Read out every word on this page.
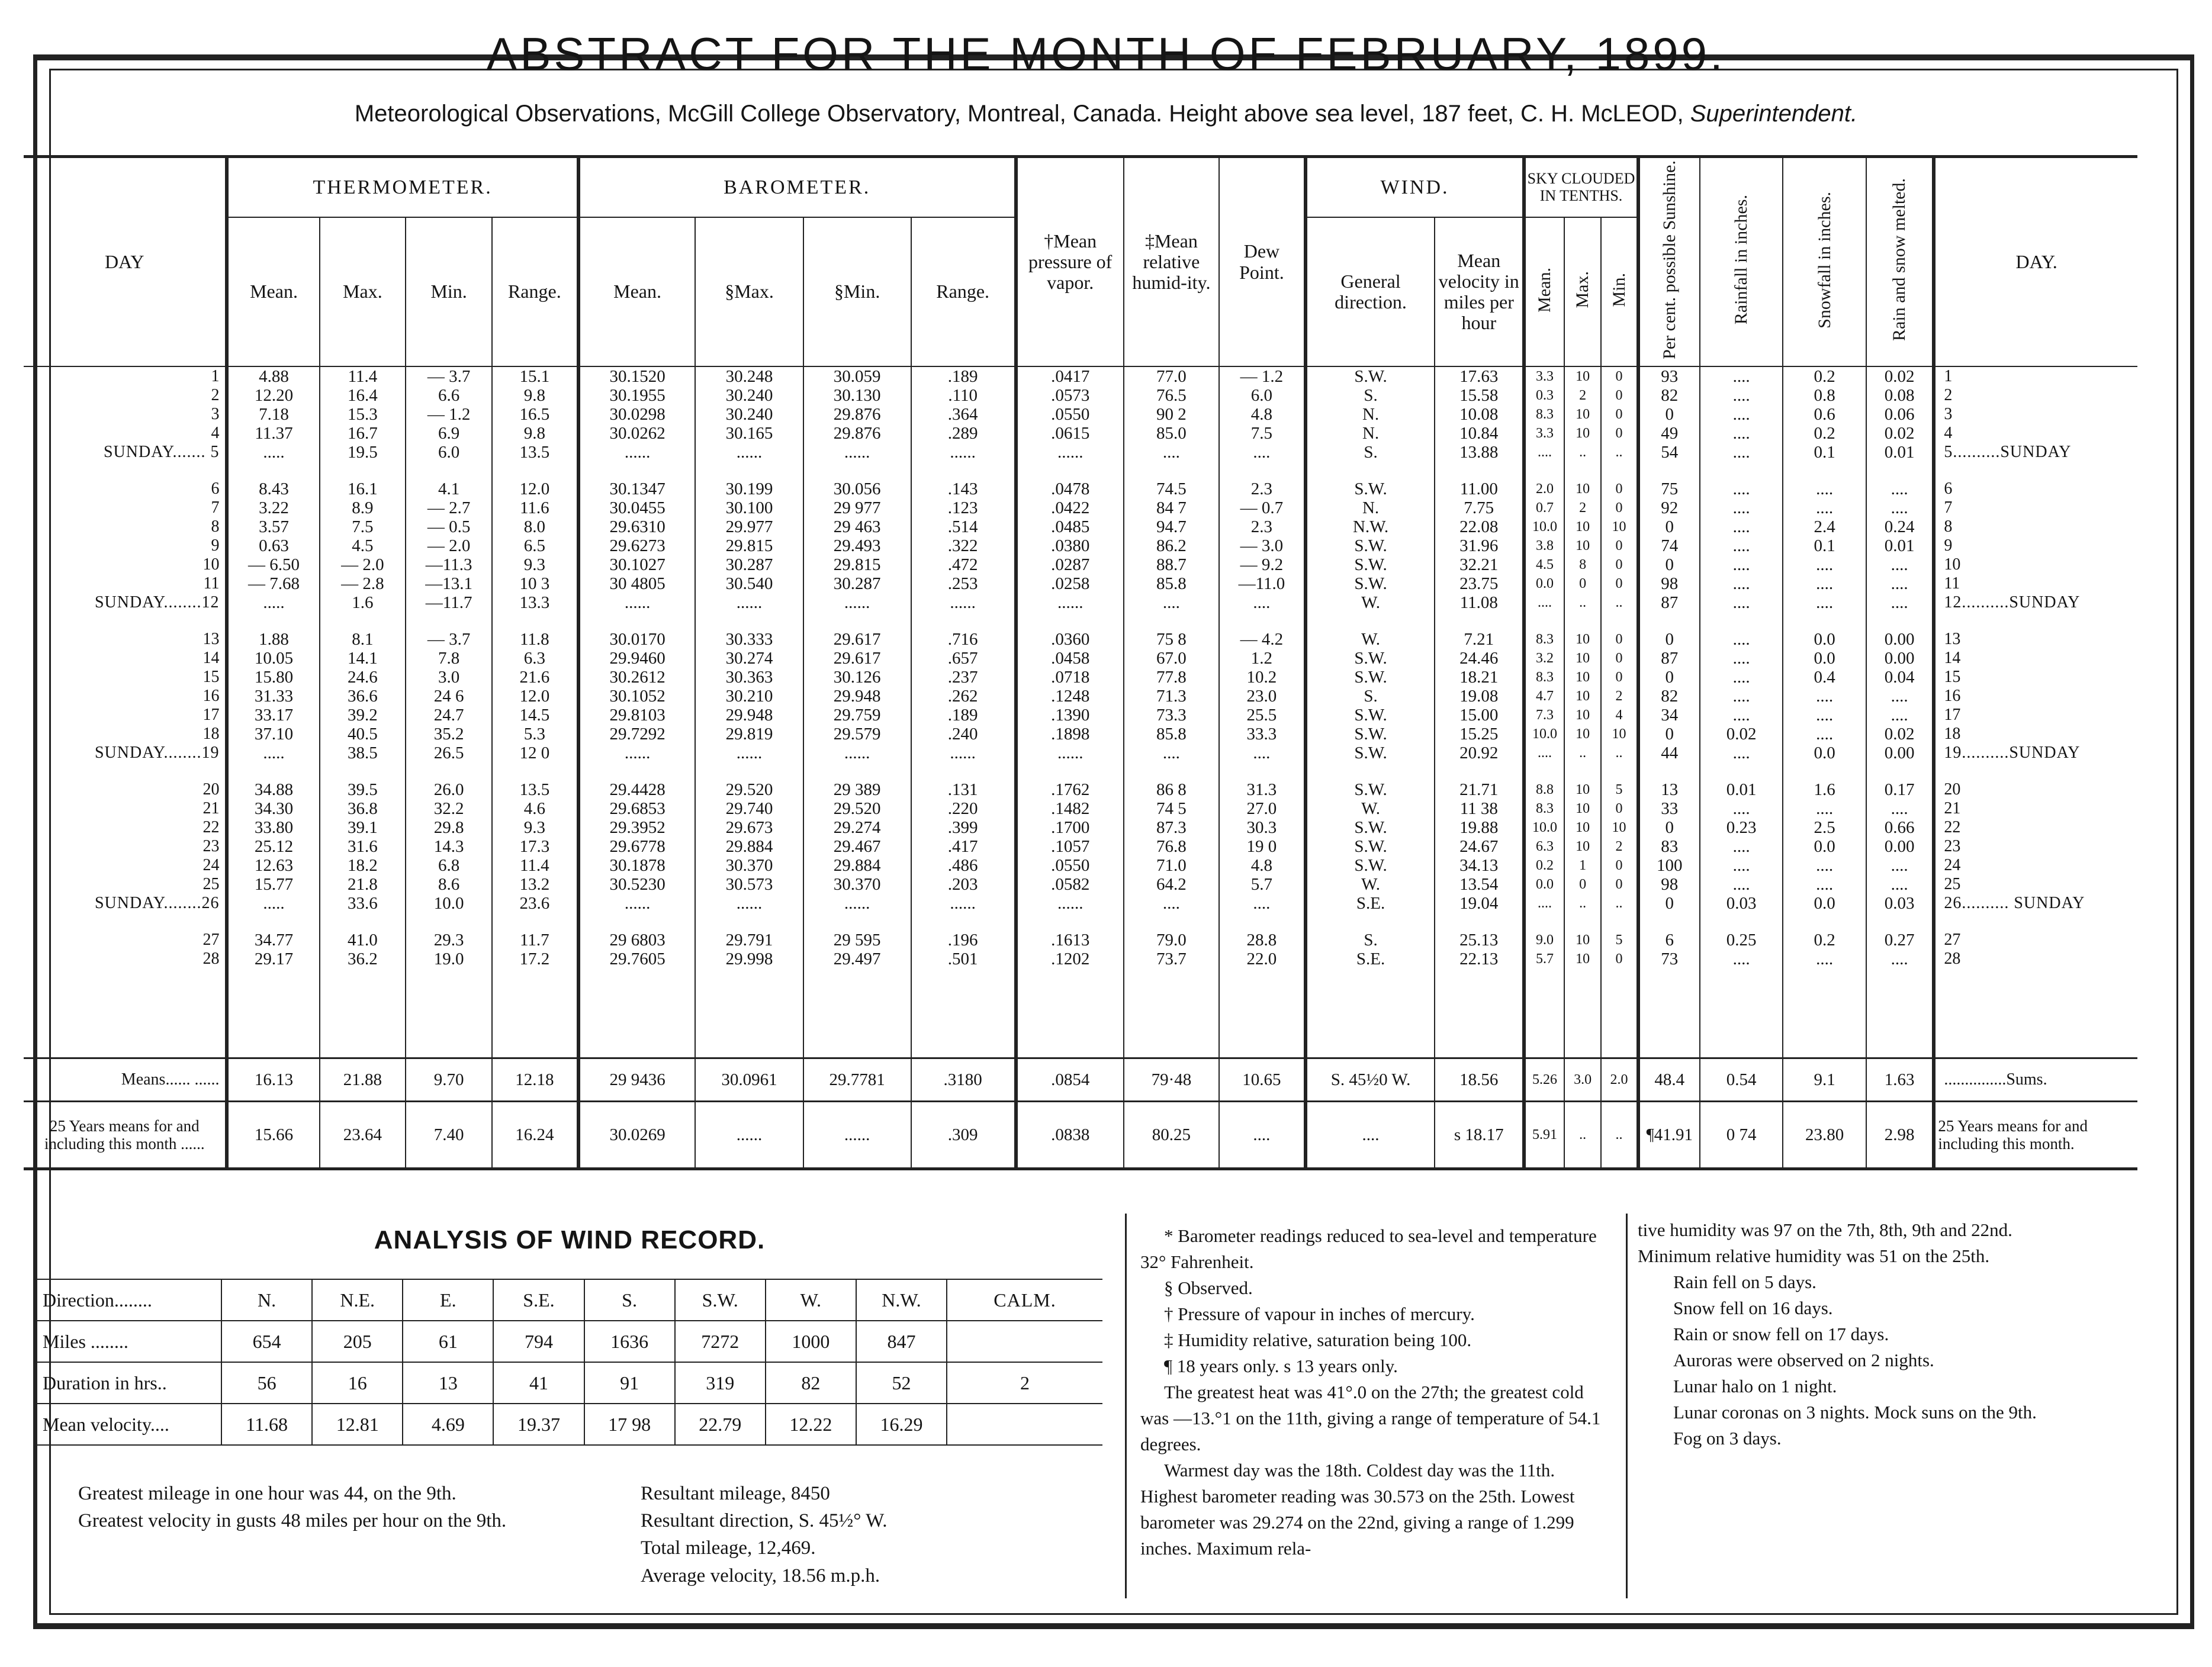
ABSTRACT FOR THE MONTH OF FEBRUARY, 1899.
Meteorological Observations, McGill College Observatory, Montreal, Canada. Height above sea level, 187 feet, C. H. McLEOD, Superintendent.
DAY	THERMOMETER.				BAROMETER.				†Mean pressure of vapor.	‡Mean relative humid-ity.	Dew Point.	WIND.		SKY CLOUDED IN TENTHS.			Per cent. possible Sunshine.	Rainfall in inches.	Snowfall in inches.	Rain and snow melted.	DAY.
	Mean.	Max.	Min.	Range.	Mean.	§Max.	§Min.	Range.				General direction.	Mean velocity in miles per hour	Mean.	Max.	Min.					
1	4.88	11.4	— 3.7	15.1	30.1520	30.248	30.059	.189	.0417	77.0	— 1.2	S.W.	17.63	3.3	10	0	93	....	0.2	0.02	1
2	12.20	16.4	6.6	9.8	30.1955	30.240	30.130	.110	.0573	76.5	6.0	S.	15.58	0.3	2	0	82	....	0.8	0.08	2
3	7.18	15.3	— 1.2	16.5	30.0298	30.240	29.876	.364	.0550	90 2	4.8	N.	10.08	8.3	10	0	0	....	0.6	0.06	3
4	11.37	16.7	6.9	9.8	30.0262	30.165	29.876	.289	.0615	85.0	7.5	N.	10.84	3.3	10	0	49	....	0.2	0.02	4
SUNDAY....... 5	.....	19.5	6.0	13.5	......	......	......	......	......	....	....	S.	13.88	....	..	..	54	....	0.1	0.01	5..........SUNDAY

6	8.43	16.1	4.1	12.0	30.1347	30.199	30.056	.143	.0478	74.5	2.3	S.W.	11.00	2.0	10	0	75	....	....	....	6
7	3.22	8.9	— 2.7	11.6	30.0455	30.100	29 977	.123	.0422	84 7	— 0.7	N.	7.75	0.7	2	0	92	....	....	....	7
8	3.57	7.5	— 0.5	8.0	29.6310	29.977	29 463	.514	.0485	94.7	2.3	N.W.	22.08	10.0	10	10	0	....	2.4	0.24	8
9	0.63	4.5	— 2.0	6.5	29.6273	29.815	29.493	.322	.0380	86.2	— 3.0	S.W.	31.96	3.8	10	0	74	....	0.1	0.01	9
10	— 6.50	— 2.0	—11.3	9.3	30.1027	30.287	29.815	.472	.0287	88.7	— 9.2	S.W.	32.21	4.5	8	0	0	....	....	....	10
11	— 7.68	— 2.8	—13.1	10 3	30 4805	30.540	30.287	.253	.0258	85.8	—11.0	S.W.	23.75	0.0	0	0	98	....	....	....	11
SUNDAY........12	.....	1.6	—11.7	13.3	......	......	......	......	......	....	....	W.	11.08	....	..	..	87	....	....	....	12..........SUNDAY

13	1.88	8.1	— 3.7	11.8	30.0170	30.333	29.617	.716	.0360	75 8	— 4.2	W.	7.21	8.3	10	0	0	....	0.0	0.00	13
14	10.05	14.1	7.8	6.3	29.9460	30.274	29.617	.657	.0458	67.0	1.2	S.W.	24.46	3.2	10	0	87	....	0.0	0.00	14
15	15.80	24.6	3.0	21.6	30.2612	30.363	30.126	.237	.0718	77.8	10.2	S.W.	18.21	8.3	10	0	0	....	0.4	0.04	15
16	31.33	36.6	24 6	12.0	30.1052	30.210	29.948	.262	.1248	71.3	23.0	S.	19.08	4.7	10	2	82	....	....	....	16
17	33.17	39.2	24.7	14.5	29.8103	29.948	29.759	.189	.1390	73.3	25.5	S.W.	15.00	7.3	10	4	34	....	....	....	17
18	37.10	40.5	35.2	5.3	29.7292	29.819	29.579	.240	.1898	85.8	33.3	S.W.	15.25	10.0	10	10	0	0.02	....	0.02	18
SUNDAY........19	.....	38.5	26.5	12 0	......	......	......	......	......	....	....	S.W.	20.92	....	..	..	44	....	0.0	0.00	19..........SUNDAY

20	34.88	39.5	26.0	13.5	29.4428	29.520	29 389	.131	.1762	86 8	31.3	S.W.	21.71	8.8	10	5	13	0.01	1.6	0.17	20
21	34.30	36.8	32.2	4.6	29.6853	29.740	29.520	.220	.1482	74 5	27.0	W.	11 38	8.3	10	0	33	....	....	....	21
22	33.80	39.1	29.8	9.3	29.3952	29.673	29.274	.399	.1700	87.3	30.3	S.W.	19.88	10.0	10	10	0	0.23	2.5	0.66	22
23	25.12	31.6	14.3	17.3	29.6778	29.884	29.467	.417	.1057	76.8	19 0	S.W.	24.67	6.3	10	2	83	....	0.0	0.00	23
24	12.63	18.2	6.8	11.4	30.1878	30.370	29.884	.486	.0550	71.0	4.8	S.W.	34.13	0.2	1	0	100	....	....	....	24
25	15.77	21.8	8.6	13.2	30.5230	30.573	30.370	.203	.0582	64.2	5.7	W.	13.54	0.0	0	0	98	....	....	....	25
SUNDAY........26	.....	33.6	10.0	23.6	......	......	......	......	......	....	....	S.E.	19.04	....	..	..	0	0.03	0.0	0.03	26.......... SUNDAY

27	34.77	41.0	29.3	11.7	29 6803	29.791	29 595	.196	.1613	79.0	28.8	S.	25.13	9.0	10	5	6	0.25	0.2	0.27	27
28	29.17	36.2	19.0	17.2	29.7605	29.998	29.497	.501	.1202	73.7	22.0	S.E.	22.13	5.7	10	0	73	....	....	....	28

Means...... ......	16.13	21.88	9.70	12.18	29 9436	30.0961	29.7781	.3180	.0854	79·48	10.65	S. 45½0 W.	18.56	5.26	3.0	2.0	48.4	0.54	9.1	1.63	...............Sums.
25 Years means for and including this month ......	15.66	23.64	7.40	16.24	30.0269	......	......	.309	.0838	80.25	....	....	s 18.17	5.91	..	..	¶41.91	0 74	23.80	2.98	25 Years means for and including this month.
ANALYSIS OF WIND RECORD.
Direction........	N.	N.E.	E.	S.E.	S.	S.W.	W.	N.W.	CALM.
Miles ........	654	205	61	794	1636	7272	1000	847	
Duration in hrs..	56	16	13	41	91	319	82	52	2
Mean velocity....	11.68	12.81	4.69	19.37	17 98	22.79	12.22	16.29	

Greatest mileage in one hour was 44, on the 9th.

Greatest velocity in gusts 48 miles per hour on the 9th.

Resultant mileage, 8450

Resultant direction, S. 45½° W.

Total mileage, 12,469.

Average velocity, 18.56 m.p.h.

* Barometer readings reduced to sea-level and temperature 32° Fahrenheit.

§ Observed.

† Pressure of vapour in inches of mercury.

‡ Humidity relative, saturation being 100.

¶ 18 years only. s 13 years only.

The greatest heat was 41°.0 on the 27th; the greatest cold was —13.°1 on the 11th, giving a range of temperature of 54.1 degrees.

Warmest day was the 18th. Coldest day was the 11th. Highest barometer reading was 30.573 on the 25th. Lowest barometer was 29.274 on the 22nd, giving a range of 1.299 inches. Maximum rela-

tive humidity was 97 on the 7th, 8th, 9th and 22nd.

Minimum relative humidity was 51 on the 25th.

Rain fell on 5 days.

Snow fell on 16 days.

Rain or snow fell on 17 days.

Auroras were observed on 2 nights.

Lunar halo on 1 night.

Lunar coronas on 3 nights. Mock suns on the 9th.

Fog on 3 days.
